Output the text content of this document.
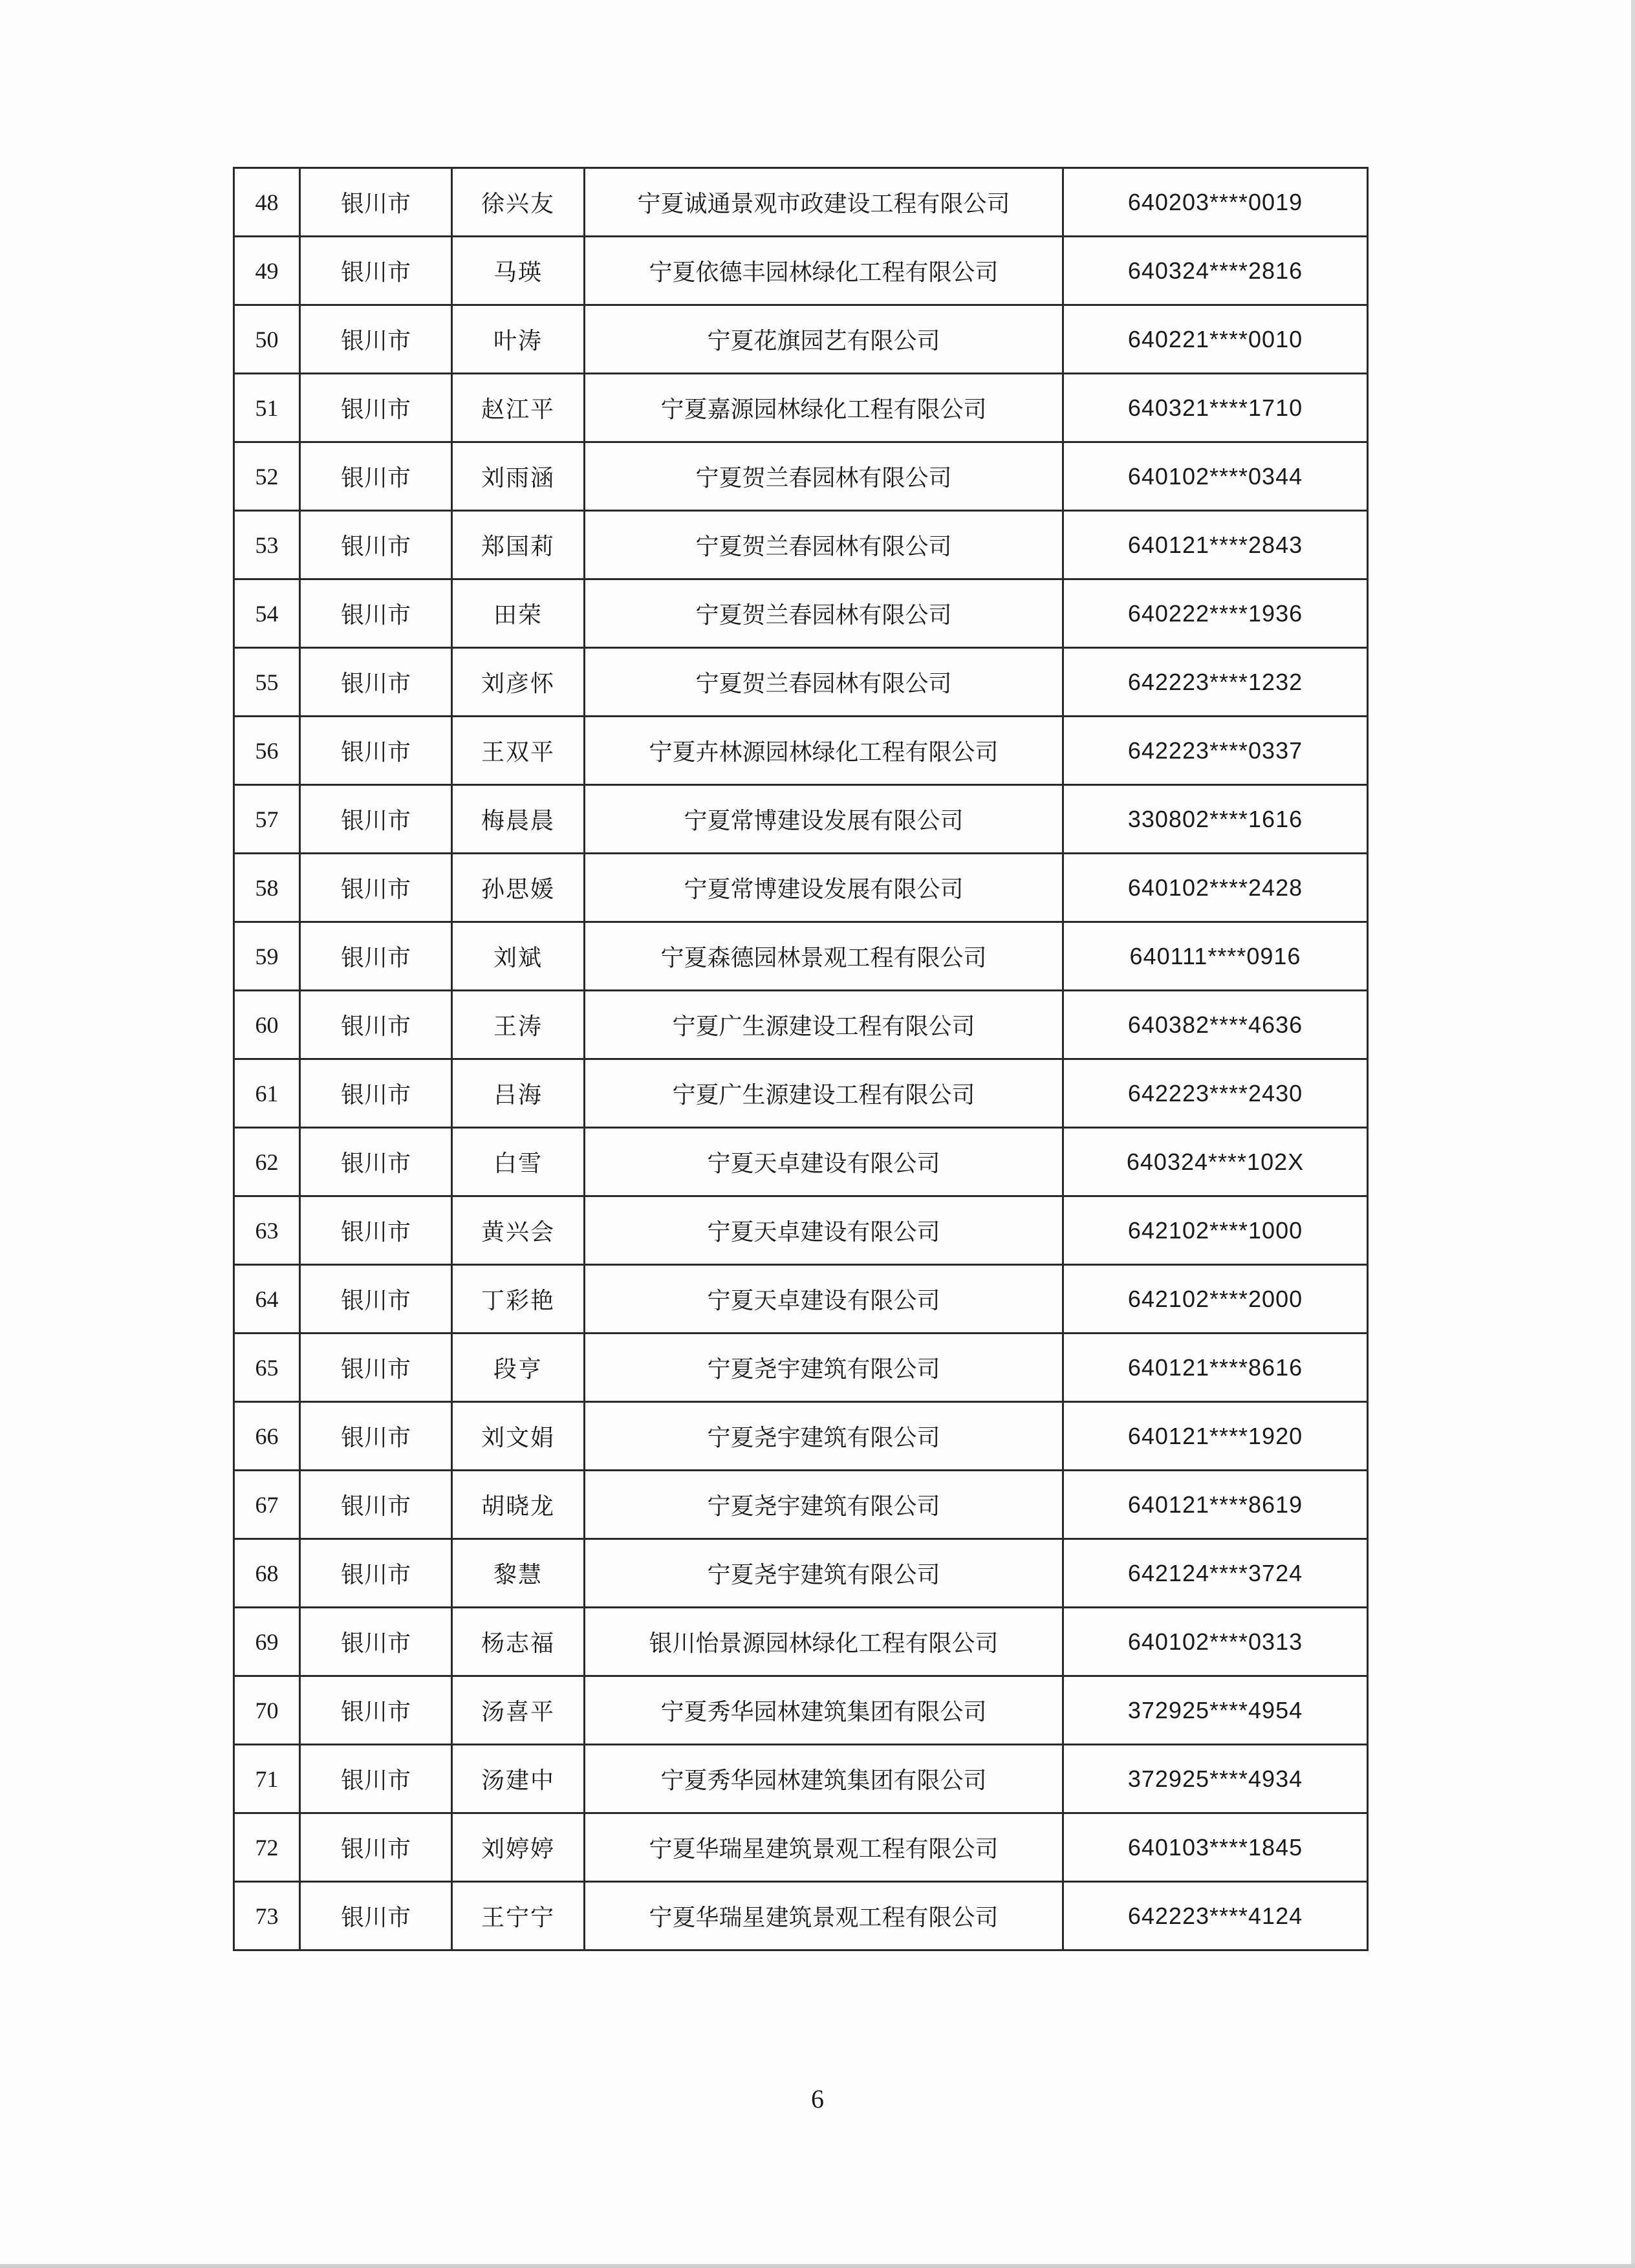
48	银川市	徐兴友	宁夏诚通景观市政建设工程有限公司	640203****0019
49	银川市	马瑛	宁夏依德丰园林绿化工程有限公司	640324****2816
50	银川市	叶涛	宁夏花旗园艺有限公司	640221****0010
51	银川市	赵江平	宁夏嘉源园林绿化工程有限公司	640321****1710
52	银川市	刘雨涵	宁夏贺兰春园林有限公司	640102****0344
53	银川市	郑国莉	宁夏贺兰春园林有限公司	640121****2843
54	银川市	田荣	宁夏贺兰春园林有限公司	640222****1936
55	银川市	刘彦怀	宁夏贺兰春园林有限公司	642223****1232
56	银川市	王双平	宁夏卉林源园林绿化工程有限公司	642223****0337
57	银川市	梅晨晨	宁夏常博建设发展有限公司	330802****1616
58	银川市	孙思媛	宁夏常博建设发展有限公司	640102****2428
59	银川市	刘斌	宁夏森德园林景观工程有限公司	640111****0916
60	银川市	王涛	宁夏广生源建设工程有限公司	640382****4636
61	银川市	吕海	宁夏广生源建设工程有限公司	642223****2430
62	银川市	白雪	宁夏天卓建设有限公司	640324****102X
63	银川市	黄兴会	宁夏天卓建设有限公司	642102****1000
64	银川市	丁彩艳	宁夏天卓建设有限公司	642102****2000
65	银川市	段亨	宁夏尧宇建筑有限公司	640121****8616
66	银川市	刘文娟	宁夏尧宇建筑有限公司	640121****1920
67	银川市	胡晓龙	宁夏尧宇建筑有限公司	640121****8619
68	银川市	黎慧	宁夏尧宇建筑有限公司	642124****3724
69	银川市	杨志福	银川怡景源园林绿化工程有限公司	640102****0313
70	银川市	汤喜平	宁夏秀华园林建筑集团有限公司	372925****4954
71	银川市	汤建中	宁夏秀华园林建筑集团有限公司	372925****4934
72	银川市	刘婷婷	宁夏华瑞星建筑景观工程有限公司	640103****1845
73	银川市	王宁宁	宁夏华瑞星建筑景观工程有限公司	642223****4124
6
